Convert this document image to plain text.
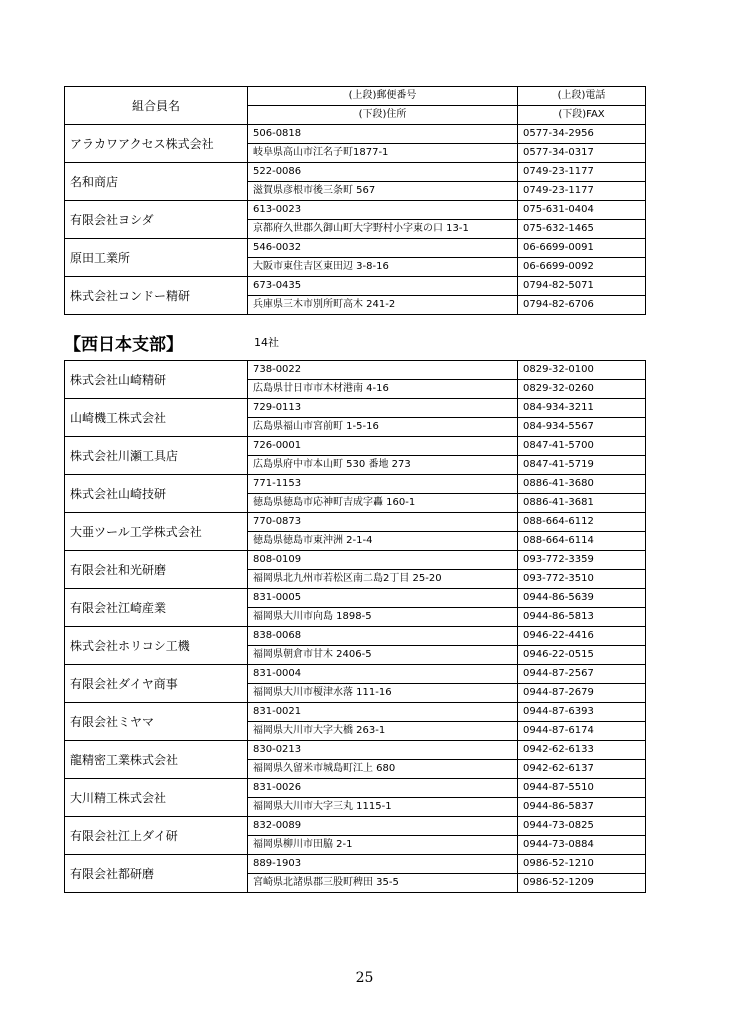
組合員名	(上段)郵便番号	(上段)電話
	(下段)住所	(下段)FAX
アラカワアクセス株式会社	506-0818	0577-34-2956
	岐阜県高山市江名子町1877-1	0577-34-0317
名和商店	522-0086	0749-23-1177
	滋賀県彦根市後三条町 567	0749-23-1177
有限会社ヨシダ	613-0023	075-631-0404
	京都府久世郡久御山町大字野村小字東の口 13-1	075-632-1465
原田工業所	546-0032	06-6699-0091
	大阪市東住吉区東田辺 3-8-16	06-6699-0092
株式会社コンドー精研	673-0435	0794-82-5071
	兵庫県三木市別所町高木 241-2	0794-82-6706
【西日本支部】	14社
株式会社山崎精研	738-0022	0829-32-0100
	広島県廿日市市木材港南 4-16	0829-32-0260
山崎機工株式会社	729-0113	084-934-3211
	広島県福山市宮前町 1-5-16	084-934-5567
株式会社川瀬工具店	726-0001	0847-41-5700
	広島県府中市本山町 530 番地 273	0847-41-5719
株式会社山崎技研	771-1153	0886-41-3680
	徳島県徳島市応神町吉成字轟 160-1	0886-41-3681
大亜ツール工学株式会社	770-0873	088-664-6112
	徳島県徳島市東沖洲 2-1-4	088-664-6114
有限会社和光研磨	808-0109	093-772-3359
	福岡県北九州市若松区南二島2丁目 25-20	093-772-3510
有限会社江崎産業	831-0005	0944-86-5639
	福岡県大川市向島 1898-5	0944-86-5813
株式会社ホリコシ工機	838-0068	0946-22-4416
	福岡県朝倉市甘木 2406-5	0946-22-0515
有限会社ダイヤ商事	831-0004	0944-87-2567
	福岡県大川市榎津水落 111-16	0944-87-2679
有限会社ミヤマ	831-0021	0944-87-6393
	福岡県大川市大字大橋 263-1	0944-87-6174
龍精密工業株式会社	830-0213	0942-62-6133
	福岡県久留米市城島町江上 680	0942-62-6137
大川精工株式会社	831-0026	0944-87-5510
	福岡県大川市大字三丸 1115-1	0944-86-5837
有限会社江上ダイ研	832-0089	0944-73-0825
	福岡県柳川市田脇 2-1	0944-73-0884
有限会社都研磨	889-1903	0986-52-1210
	宮崎県北諸県郡三股町稗田 35-5	0986-52-1209
25
